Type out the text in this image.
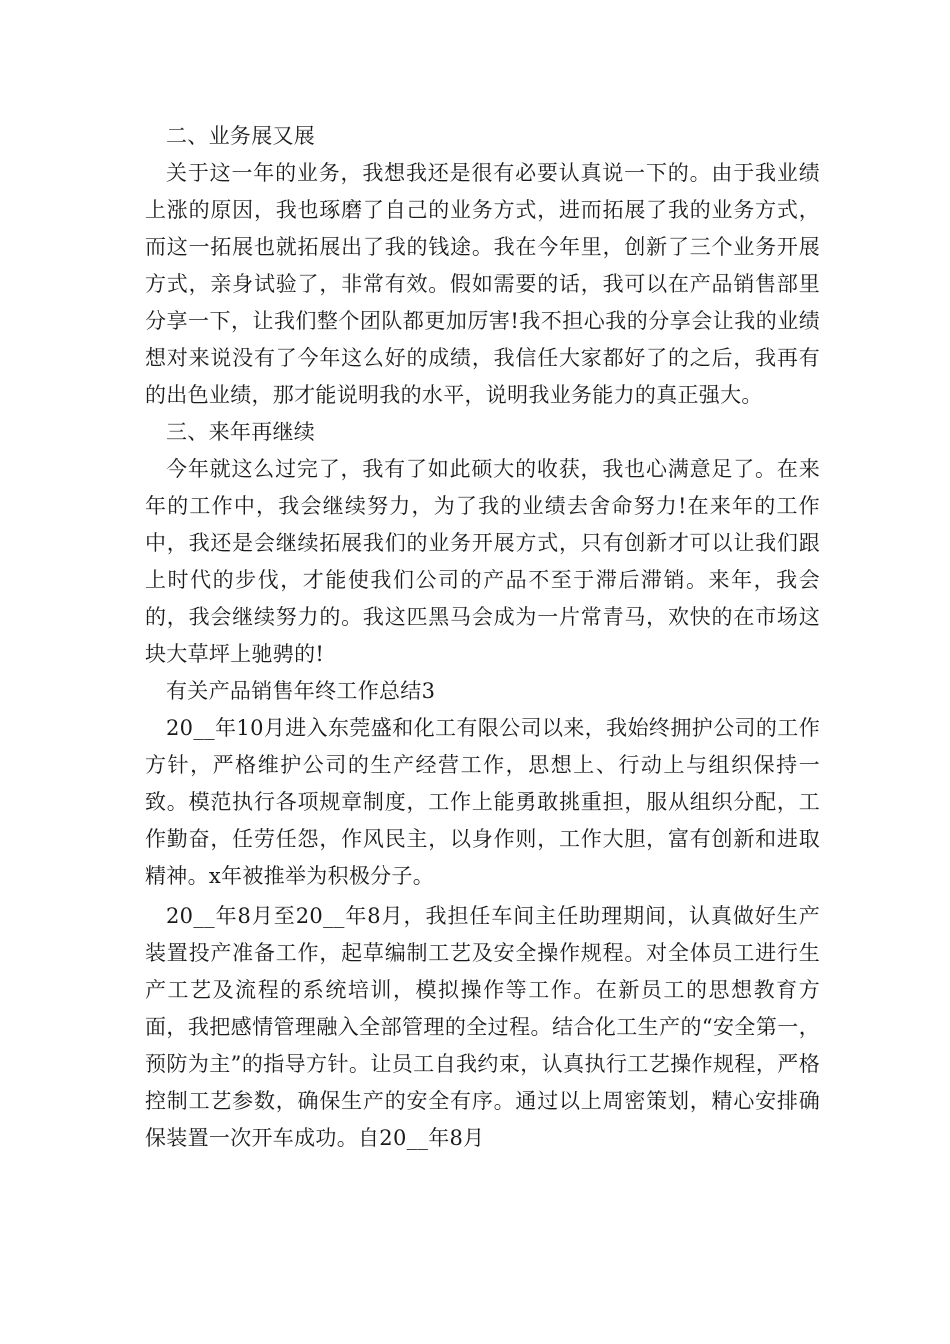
二、业务展又展

关于这一年的业务，我想我还是很有必要认真说一下的。由于我业绩上涨的原因，我也琢磨了自己的业务方式，进而拓展了我的业务方式，而这一拓展也就拓展出了我的钱途。我在今年里，创新了三个业务开展方式，亲身试验了，非常有效。假如需要的话，我可以在产品销售部里分享一下，让我们整个团队都更加厉害!我不担心我的分享会让我的业绩想对来说没有了今年这么好的成绩，我信任大家都好了的之后，我再有的出色业绩，那才能说明我的水平，说明我业务能力的真正强大。

三、来年再继续

今年就这么过完了，我有了如此硕大的收获，我也心满意足了。在来年的工作中，我会继续努力，为了我的业绩去舍命努力!在来年的工作中，我还是会继续拓展我们的业务开展方式，只有创新才可以让我们跟上时代的步伐，才能使我们公司的产品不至于滞后滞销。来年，我会的，我会继续努力的。我这匹黑马会成为一片常青马，欢快的在市场这块大草坪上驰骋的!

有关产品销售年终工作总结3

20__年10月进入东莞盛和化工有限公司以来，我始终拥护公司的工作方针，严格维护公司的生产经营工作，思想上、行动上与组织保持一致。模范执行各项规章制度，工作上能勇敢挑重担，服从组织分配，工作勤奋，任劳任怨，作风民主，以身作则，工作大胆，富有创新和进取精神。x年被推举为积极分子。

20__年8月至20__年8月，我担任车间主任助理期间，认真做好生产装置投产准备工作，起草编制工艺及安全操作规程。对全体员工进行生产工艺及流程的系统培训，模拟操作等工作。在新员工的思想教育方面，我把感情管理融入全部管理的全过程。结合化工生产的“安全第一，预防为主”的指导方针。让员工自我约束，认真执行工艺操作规程，严格控制工艺参数，确保生产的安全有序。通过以上周密策划，精心安排确保装置一次开车成功。自20__年8月
